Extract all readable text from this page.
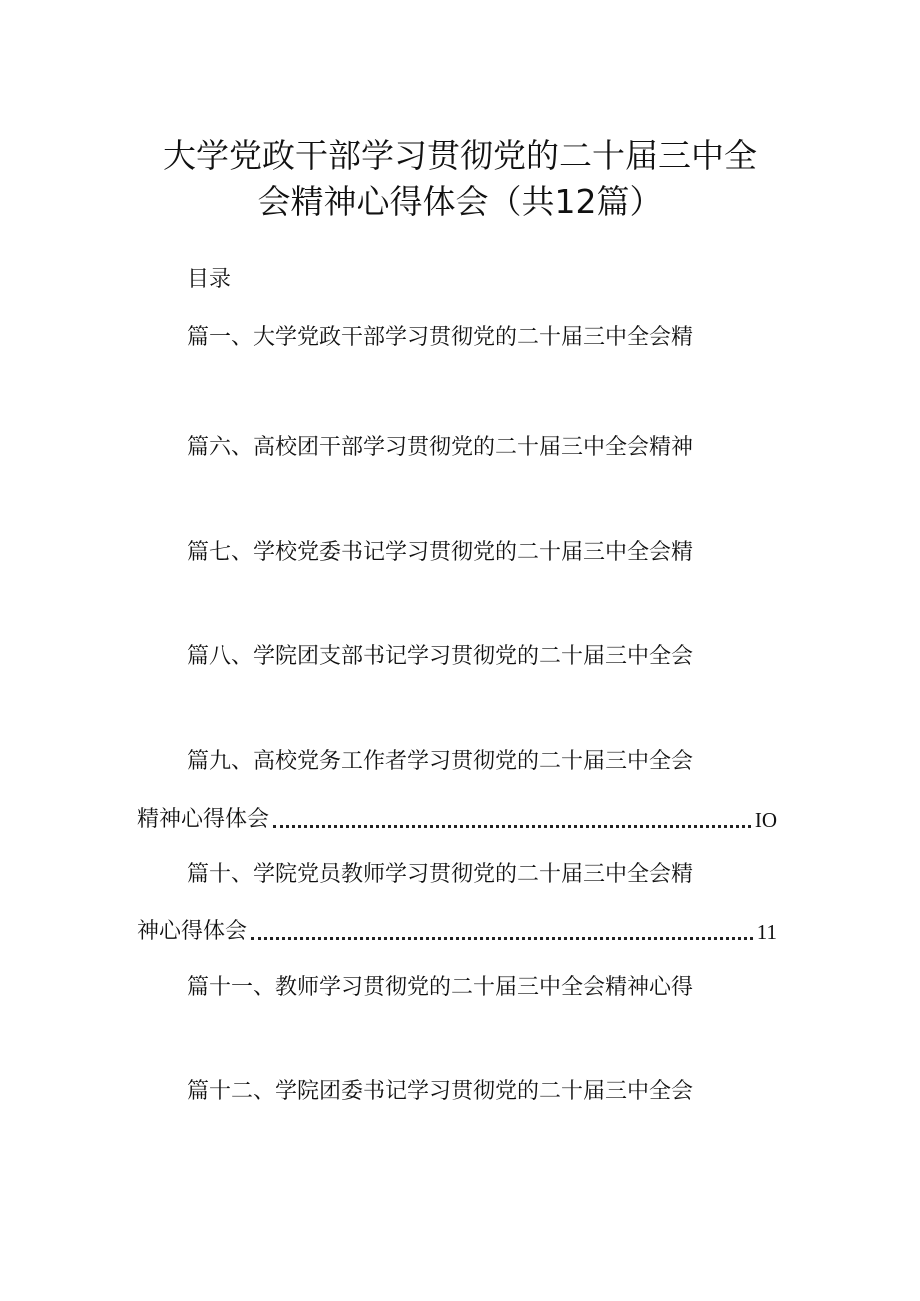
大学党政干部学习贯彻党的二十届三中全
会精神心得体会（共12篇）
目录
篇一、大学党政干部学习贯彻党的二十届三中全会精
篇六、高校团干部学习贯彻党的二十届三中全会精神
篇七、学校党委书记学习贯彻党的二十届三中全会精
篇八、学院团支部书记学习贯彻党的二十届三中全会
篇九、高校党务工作者学习贯彻党的二十届三中全会
精神心得体会	IO
篇十、学院党员教师学习贯彻党的二十届三中全会精
神心得体会	11
篇十一、教师学习贯彻党的二十届三中全会精神心得
篇十二、学院团委书记学习贯彻党的二十届三中全会
